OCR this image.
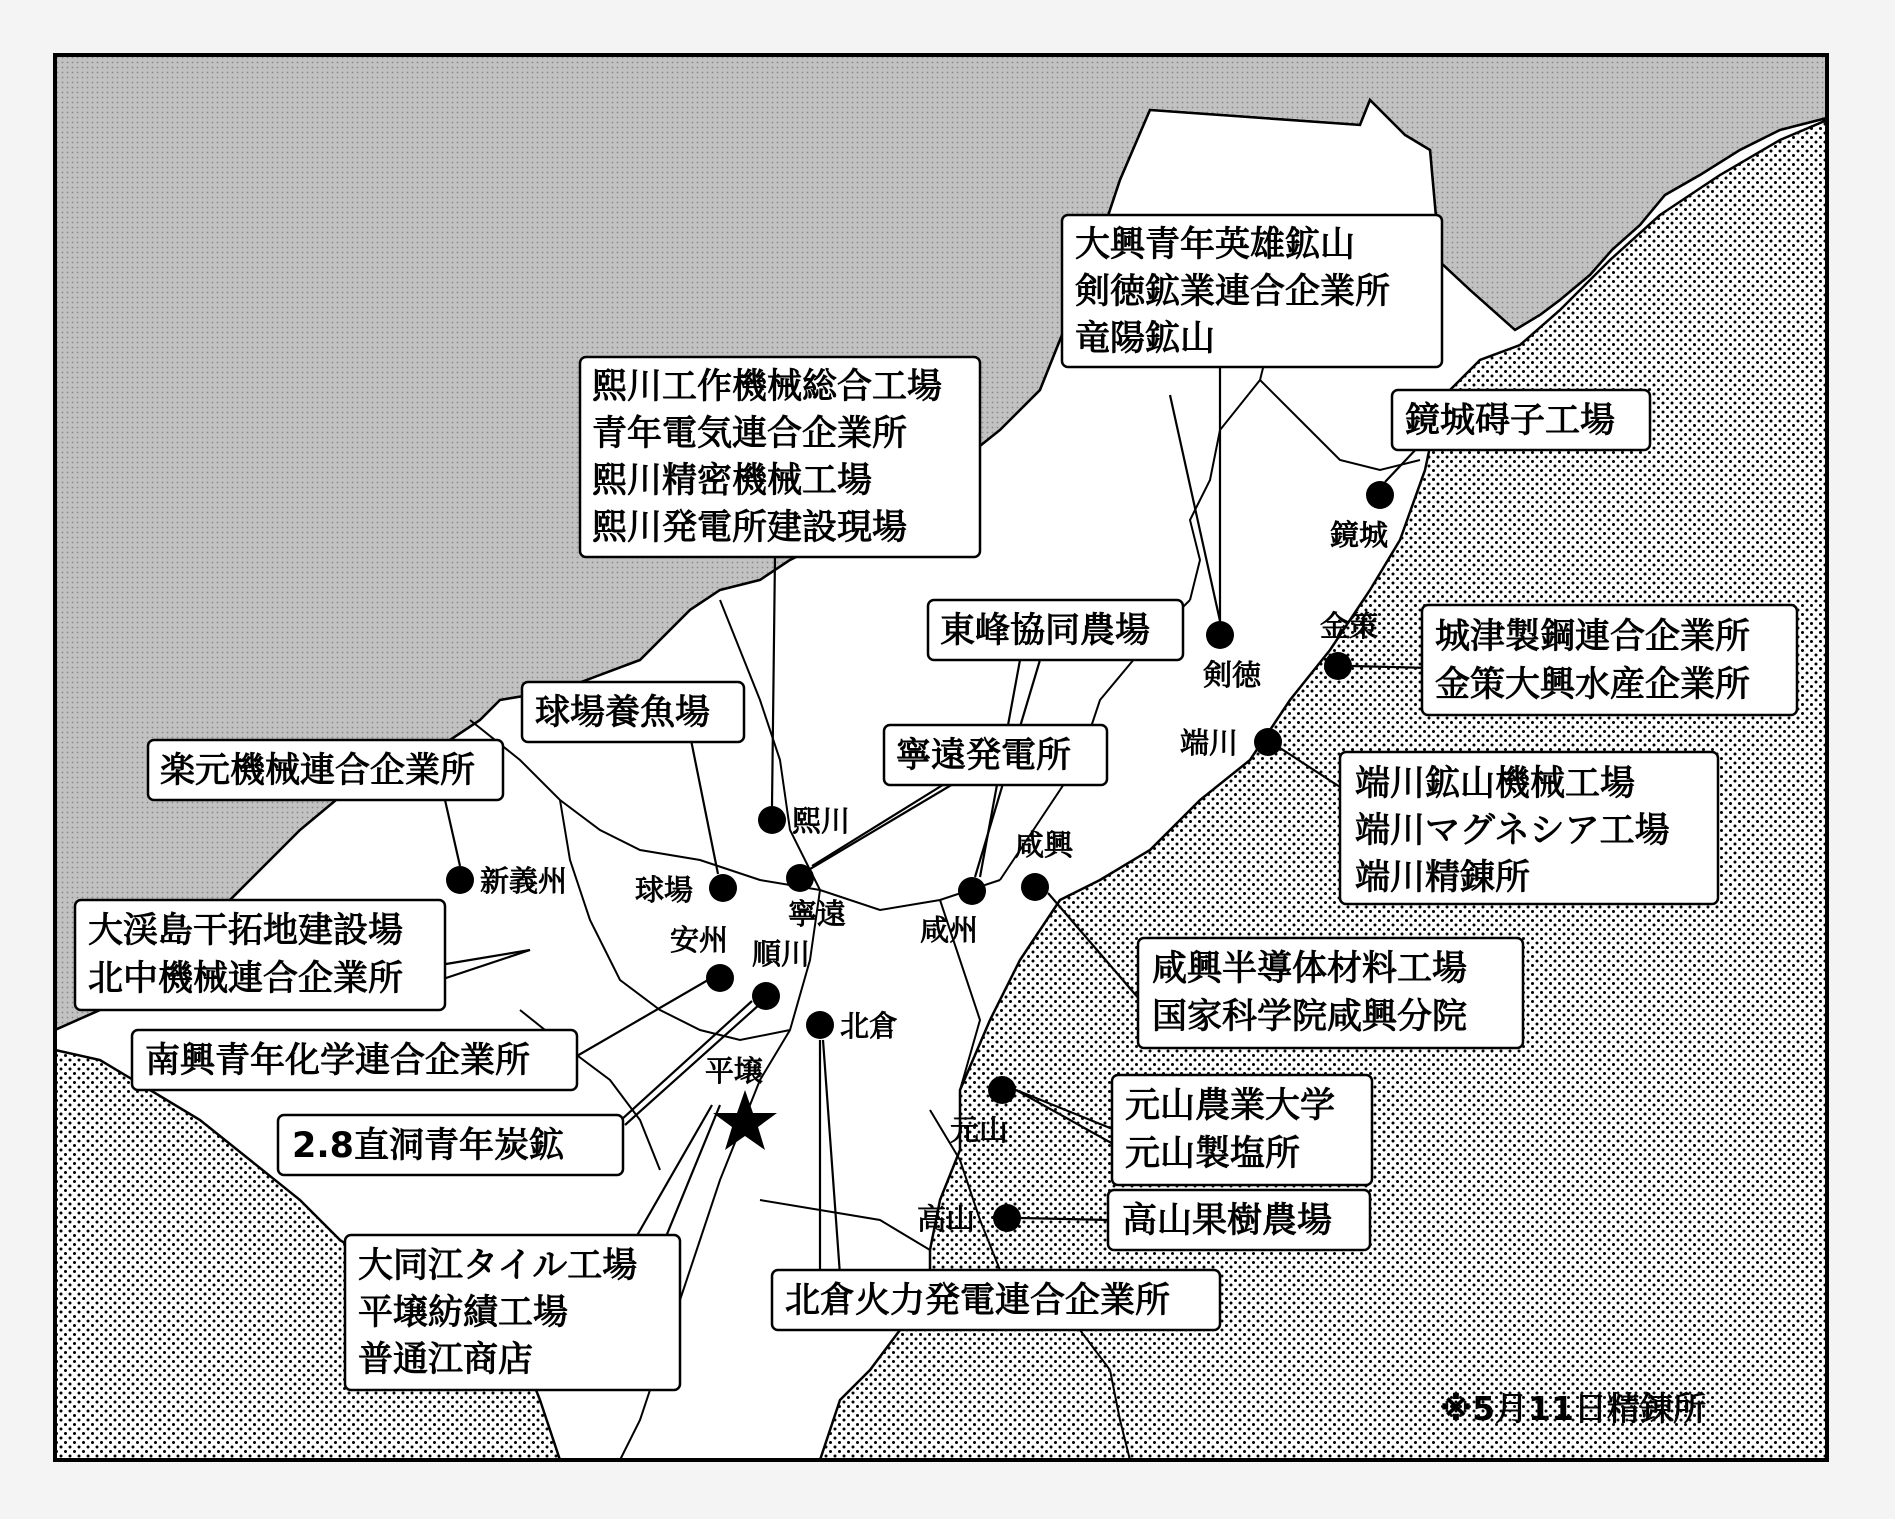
新義州 球場
安州
熙川
寧遠
順川
北倉
平壌
咸州
咸興
剣徳
端川
鏡城
金策
元山
高山
楽元機械連合企業所
球場養魚場
熙川工作機械総合工場
青年電気連合企業所
熙川精密機械工場
熙川発電所建設現場
東峰協同農場
寧遠発電所
大興青年英雄鉱山
剣徳鉱業連合企業所
竜陽鉱山
鏡城碍子工場
城津製鋼連合企業所
金策大興水産企業所
端川鉱山機械工場
端川マグネシア工場
端川精錬所
大渓島干拓地建設場
北中機械連合企業所
南興青年化学連合企業所
2.8直洞青年炭鉱
咸興半導体材料工場
国家科学院咸興分院
元山農業大学
元山製塩所
高山果樹農場
大同江タイル工場
平壌紡績工場
普通江商店
北倉火力発電連合企業所
※5月11日精錬所
